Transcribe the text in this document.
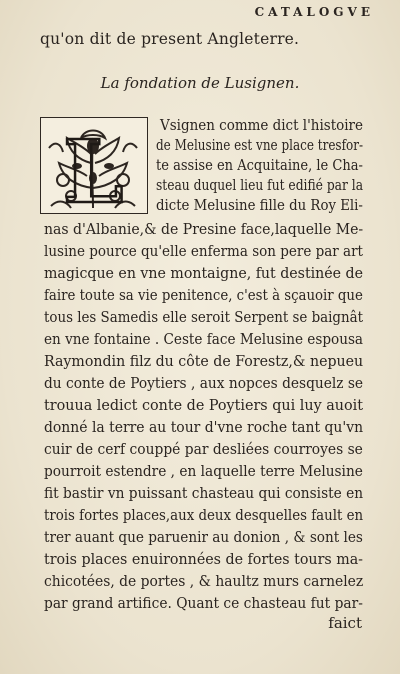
CATALOGVE
qu'on dit de present Angleterre.
La fondation de Lusignen.
L	Vsignen comme dict l'histoire
de Melusine est vne place tresfor-
te assise en Acquitaine, le Cha-
steau duquel lieu fut edifié par la
dicte Melusine fille du Roy Eli-
nas d'Albanie,& de Presine face,laquelle Me-
lusine pource qu'elle enferma son pere par art
magicque en vne montaigne, fut destinée de
faire toute sa vie penitence, c'est à sçauoir que
tous les Samedis elle seroit Serpent se baignât
en vne fontaine . Ceste face Melusine espousa
Raymondin filz du côte de Forestz,& nepueu
du conte de Poytiers , aux nopces desquelz se
trouua ledict conte de Poytiers qui luy auoit
donné la terre au tour d'vne roche tant qu'vn
cuir de cerf couppé par desliées courroyes se
pourroit estendre , en laquelle terre Melusine
fit bastir vn puissant chasteau qui consiste en
trois fortes places,aux deux desquelles fault en
trer auant que paruenir au donion , & sont les
trois places enuironnées de fortes tours ma-
chicotées, de portes , & haultz murs carnelez
par grand artifice. Quant ce chasteau fut par-
faict
